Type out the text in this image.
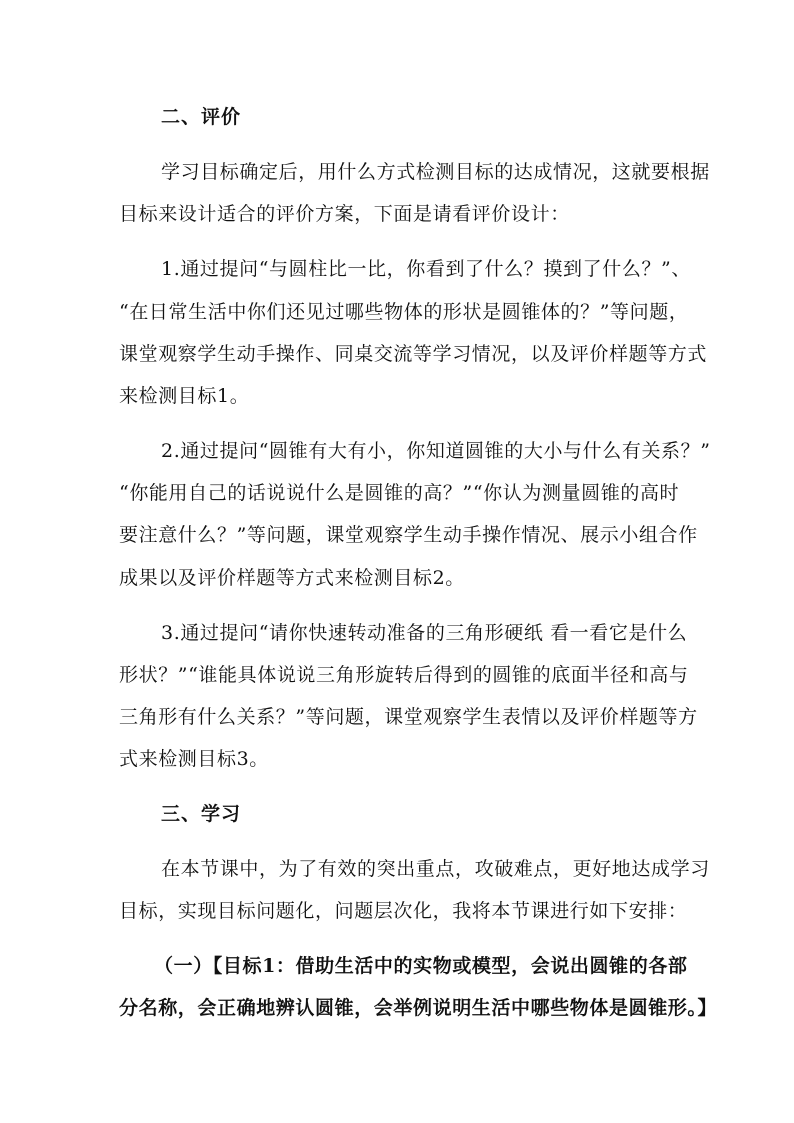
二、评价

学习目标确定后，用什么方式检测目标的达成情况，这就要根据

目标来设计适合的评价方案，下面是请看评价设计：

1.通过提问“与圆柱比一比，你看到了什么？摸到了什么？”、

“在日常生活中你们还见过哪些物体的形状是圆锥体的？”等问题，

课堂观察学生动手操作、同桌交流等学习情况，以及评价样题等方式

来检测目标1。

2.通过提问“圆锥有大有小，你知道圆锥的大小与什么有关系？”

“你能用自己的话说说什么是圆锥的高？”“你认为测量圆锥的高时

要注意什么？”等问题，课堂观察学生动手操作情况、展示小组合作

成果以及评价样题等方式来检测目标2。

3.通过提问“请你快速转动准备的三角形硬纸 看一看它是什么

形状？”“谁能具体说说三角形旋转后得到的圆锥的底面半径和高与

三角形有什么关系？”等问题，课堂观察学生表情以及评价样题等方

式来检测目标3。

三、学习

在本节课中，为了有效的突出重点，攻破难点，更好地达成学习

目标，实现目标问题化，问题层次化，我将本节课进行如下安排：

（一）【目标1：借助生活中的实物或模型，会说出圆锥的各部

分名称，会正确地辨认圆锥，会举例说明生活中哪些物体是圆锥形。】
